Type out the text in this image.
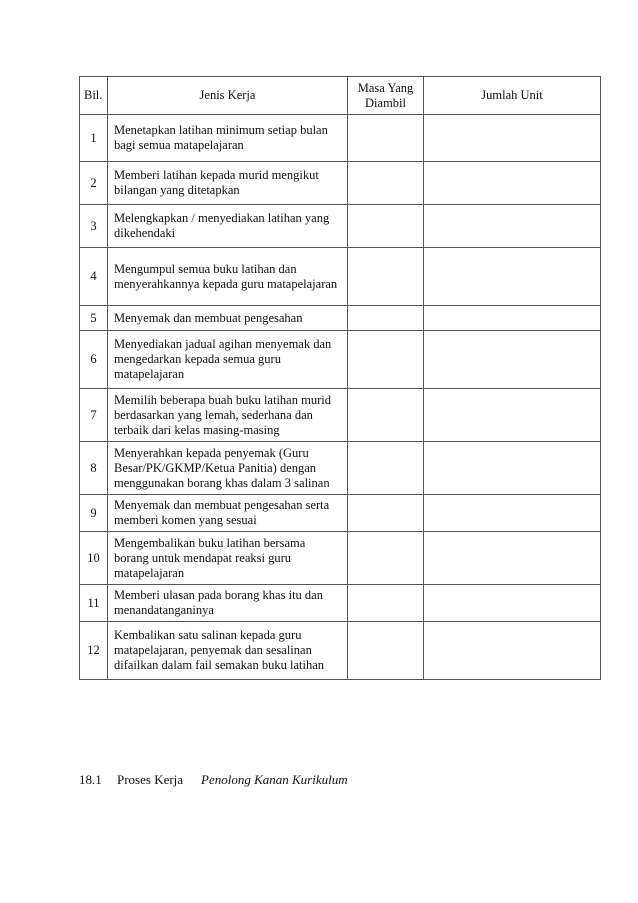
Bil.	Jenis Kerja	Masa Yang Diambil	Jumlah Unit
1	Menetapkan latihan minimum setiap bulan bagi semua matapelajaran		
2	Memberi latihan kepada murid mengikut bilangan yang ditetapkan		
3	Melengkapkan / menyediakan latihan yang dikehendaki		
4	Mengumpul semua buku latihan dan menyerahkannya kepada guru matapelajaran		
5	Menyemak dan membuat pengesahan		
6	Menyediakan jadual agihan menyemak dan mengedarkan kepada semua guru matapelajaran		
7	Memilih beberapa buah buku latihan murid berdasarkan yang lemah, sederhana dan terbaik dari kelas masing-masing		
8	Menyerahkan kepada penyemak (Guru Besar/PK/GKMP/Ketua Panitia) dengan menggunakan borang khas dalam 3 salinan		
9	Menyemak dan membuat pengesahan serta memberi komen yang sesuai		
10	Mengembalikan buku latihan bersama borang untuk mendapat reaksi guru matapelajaran		
11	Memberi ulasan pada borang khas itu dan menandatanganinya		
12	Kembalikan satu salinan kepada guru matapelajaran, penyemak dan sesalinan difailkan dalam fail semakan buku latihan		
18.1 Proses Kerja Penolong Kanan Kurikulum
